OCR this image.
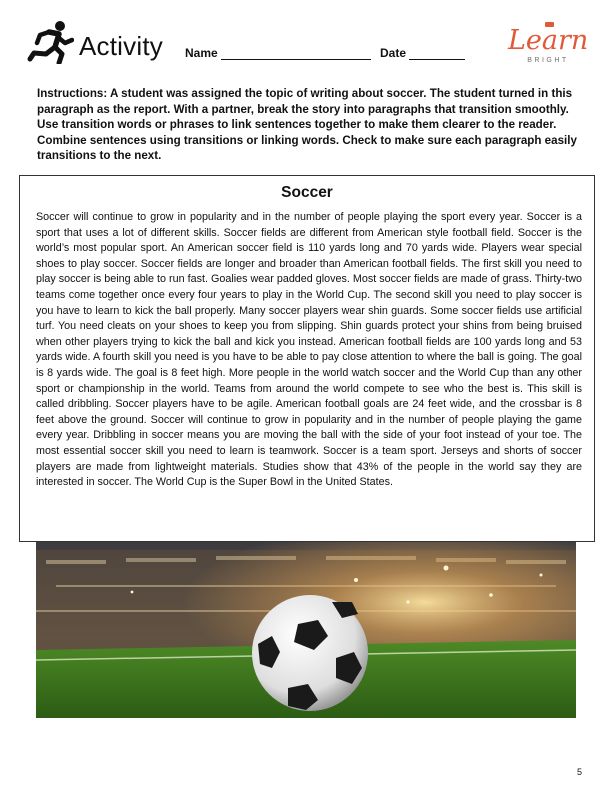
Activity Name	Date	Learn
BRIGHT
Instructions: A student was assigned the topic of writing about soccer. The student turned in this paragraph as the report. With a partner, break the story into paragraphs that transition smoothly. Use transition words or phrases to link sentences together to make them clearer to the reader. Combine sentences using transitions or linking words. Check to make sure each paragraph easily transitions to the next.
Soccer
Soccer will continue to grow in popularity and in the number of people playing the sport every year. Soccer is a sport that uses a lot of different skills. Soccer fields are different from American style football field. Soccer is the world’s most popular sport. An American soccer field is 110 yards long and 70 yards wide. Players wear special shoes to play soccer. Soccer fields are longer and broader than American football fields. The first skill you need to play soccer is being able to run fast. Goalies wear padded gloves. Most soccer fields are made of grass. Thirty-two teams come together once every four years to play in the World Cup. The second skill you need to play soccer is you have to learn to kick the ball properly. Many soccer players wear shin guards. Some soccer fields use artificial turf. You need cleats on your shoes to keep you from slipping. Shin guards protect your shins from being bruised when other players trying to kick the ball and kick you instead. American football fields are 100 yards long and 53 yards wide. A fourth skill you need is you have to be able to pay close attention to where the ball is going. The goal is 8 yards wide. The goal is 8 feet high. More people in the world watch soccer and the World Cup than any other sport or championship in the world. Teams from around the world compete to see who the best is. This skill is called dribbling. Soccer players have to be agile. American football goals are 24 feet wide, and the crossbar is 8 feet above the ground. Soccer will continue to grow in popularity and in the number of people playing the game every year. Dribbling in soccer means you are moving the ball with the side of your foot instead of your toe. The most essential soccer skill you need to learn is teamwork. Soccer is a team sport. Jerseys and shorts of soccer players are made from lightweight materials. Studies show that 43% of the people in the world say they are interested in soccer. The World Cup is the Super Bowl in the United States.
5
